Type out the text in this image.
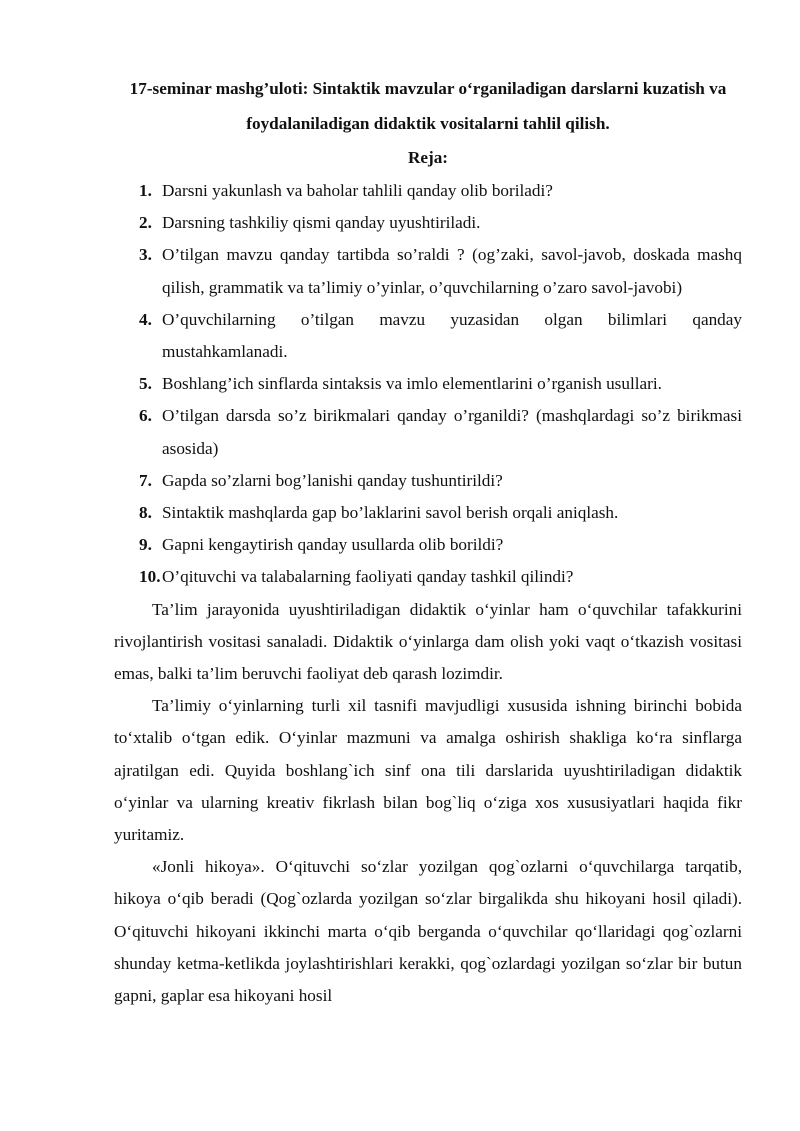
17-seminar mashg’uloti: Sintaktik mavzular o‘rganiladigan darslarni kuzatish va foydalaniladigan didaktik vositalarni tahlil qilish.

Reja:

1. Darsni yakunlash va baholar tahlili qanday olib boriladi?
2. Darsning tashkiliy qismi qanday uyushtiriladi.
3. O’tilgan mavzu qanday tartibda so’raldi ? (og’zaki, savol-javob, doskada mashq qilish, grammatik va ta’limiy o’yinlar, o’quvchilarning o’zaro savol-javobi)
4. O’quvchilarning o’tilgan mavzu yuzasidan olgan bilimlari qanday mustahkamlanadi.
5. Boshlang’ich sinflarda sintaksis va imlo elementlarini o’rganish usullari.
6. O’tilgan darsda so’z birikmalari qanday o’rganildi? (mashqlardagi so’z birikmasi asosida)
7. Gapda so’zlarni bog’lanishi qanday tushuntirildi?
8. Sintaktik mashqlarda gap bo’laklarini savol berish orqali aniqlash.
9. Gapni kengaytirish qanday usullarda olib borildi?
10. O’qituvchi va talabalarning faoliyati qanday tashkil qilindi?

Ta’lim jarayonida uyushtiriladigan didaktik o‘yinlar ham o‘quvchilar tafakkurini rivojlantirish vositasi sanaladi. Didaktik o‘yinlarga dam olish yoki vaqt o‘tkazish vositasi emas, balki ta’lim beruvchi faoliyat deb qarash lozimdir.

Ta’limiy o‘yinlarning turli xil tasnifi mavjudligi xususida ishning birinchi bobida to‘xtalib o‘tgan edik. O‘yinlar mazmuni va amalga oshirish shakliga ko‘ra sinflarga ajratilgan edi. Quyida boshlang`ich sinf ona tili darslarida uyushtiriladigan didaktik o‘yinlar va ularning kreativ fikrlash bilan bog`liq o‘ziga xos xususiyatlari haqida fikr yuritamiz.

«Jonli hikoya». O‘qituvchi so‘zlar yozilgan qog`ozlarni o‘quvchilarga tarqatib, hikoya o‘qib beradi (Qog`ozlarda yozilgan so‘zlar birgalikda shu hikoyani hosil qiladi). O‘qituvchi hikoyani ikkinchi marta o‘qib berganda o‘quvchilar qo‘llaridagi qog`ozlarni shunday ketma-ketlikda joylashtirishlari kerakki, qog`ozlardagi yozilgan so‘zlar bir butun gapni, gaplar esa hikoyani hosil
